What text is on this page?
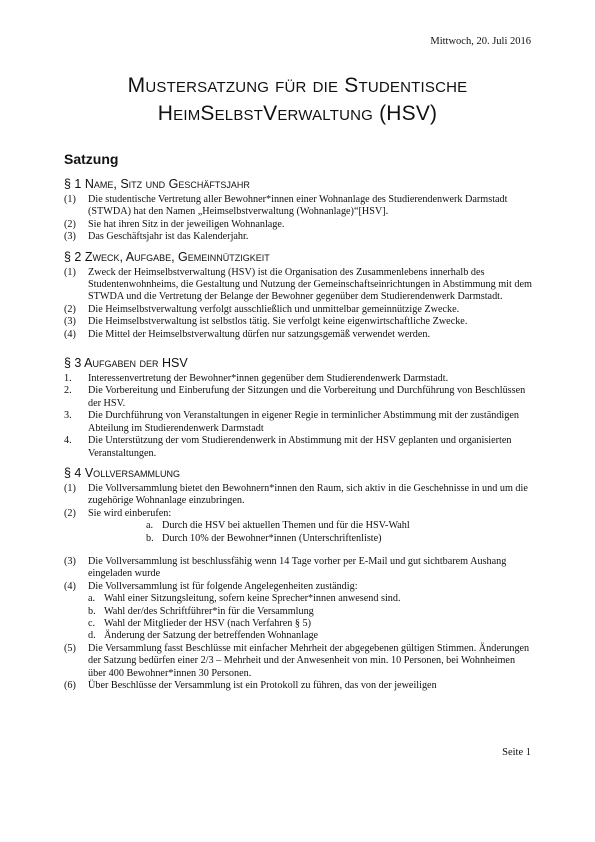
Mittwoch, 20. Juli 2016
Mustersatzung für die Studentische
HeimSelbstVerwaltung (HSV)
Satzung
§ 1 Name, Sitz und Geschäftsjahr
(1) Die studentische Vertretung aller Bewohner*innen einer Wohnanlage des Studierendenwerk Darmstadt (STWDA) hat den Namen „Heimselbstverwaltung (Wohnanlage)“[HSV].
(2) Sie hat ihren Sitz in der jeweiligen Wohnanlage.
(3) Das Geschäftsjahr ist das Kalenderjahr.
§ 2 Zweck, Aufgabe, Gemeinnützigkeit
(1) Zweck der Heimselbstverwaltung (HSV) ist die Organisation des Zusammenlebens innerhalb des Studentenwohnheims, die Gestaltung und Nutzung der Gemeinschaftseinrichtungen in Abstimmung mit dem STWDA und die Vertretung der Belange der Bewohner gegenüber dem Studierendenwerk Darmstadt.
(2) Die Heimselbstverwaltung verfolgt ausschließlich und unmittelbar gemeinnützige Zwecke.
(3) Die Heimselbstverwaltung ist selbstlos tätig. Sie verfolgt keine eigenwirtschaftliche Zwecke.
(4) Die Mittel der Heimselbstverwaltung dürfen nur satzungsgemäß verwendet werden.
§ 3 Aufgaben der HSV
1. Interessenvertretung der Bewohner*innen gegenüber dem Studierendenwerk Darmstadt.
2. Die Vorbereitung und Einberufung der Sitzungen und die Vorbereitung und Durchführung von Beschlüssen der HSV.
3. Die Durchführung von Veranstaltungen in eigener Regie in terminlicher Abstimmung mit der zuständigen Abteilung im Studierendenwerk Darmstadt
4. Die Unterstützung der vom Studierendenwerk in Abstimmung mit der HSV geplanten und organisierten Veranstaltungen.
§ 4 Vollversammlung
(1) Die Vollversammlung bietet den Bewohnern*innen den Raum, sich aktiv in die Geschehnisse in und um die zugehörige Wohnanlage einzubringen.
(2) Sie wird einberufen:
a. Durch die HSV bei aktuellen Themen und für die HSV-Wahl
b. Durch 10% der Bewohner*innen (Unterschriftenliste)
(3) Die Vollversammlung ist beschlussfähig wenn 14 Tage vorher per E-Mail und gut sichtbarem Aushang eingeladen wurde
(4) Die Vollversammlung ist für folgende Angelegenheiten zuständig:
a. Wahl einer Sitzungsleitung, sofern keine Sprecher*innen anwesend sind.
b. Wahl der/des Schriftführer*in für die Versammlung
c. Wahl der Mitglieder der HSV (nach Verfahren § 5)
d. Änderung der Satzung der betreffenden Wohnanlage
(5) Die Versammlung fasst Beschlüsse mit einfacher Mehrheit der abgegebenen gültigen Stimmen. Änderungen der Satzung bedürfen einer 2/3 – Mehrheit und der Anwesenheit von min. 10 Personen, bei Wohnheimen über 400 Bewohner*innen 30 Personen.
(6) Über Beschlüsse der Versammlung ist ein Protokoll zu führen, das von der jeweiligen
Seite 1
